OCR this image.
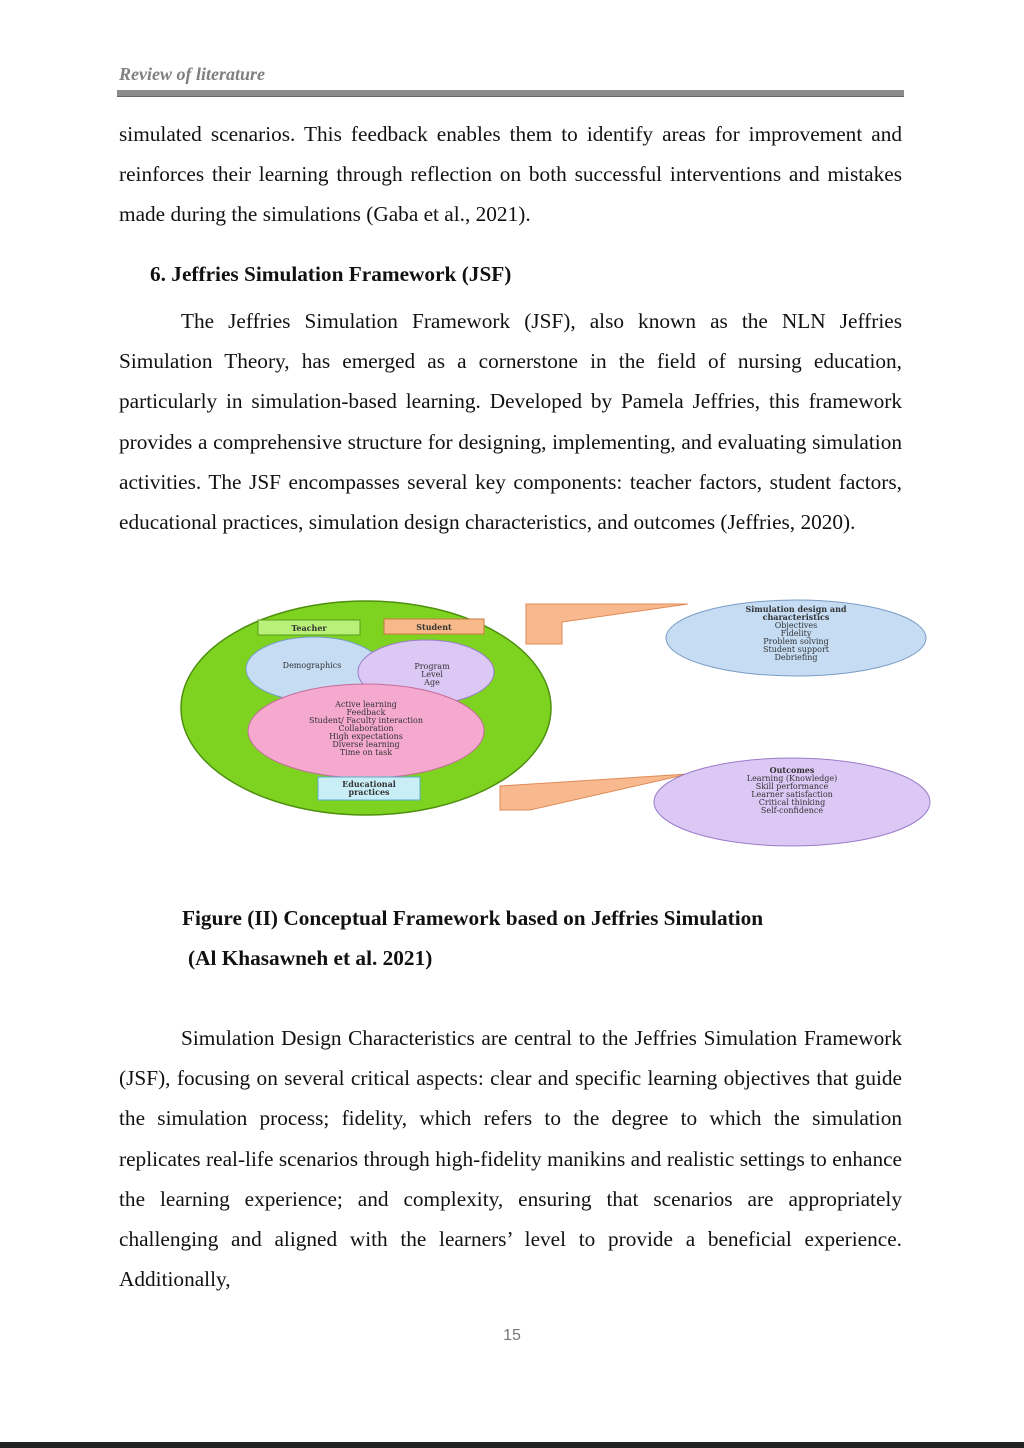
Review of literature

simulated scenarios. This feedback enables them to identify areas for improvement and reinforces their learning through reflection on both successful interventions and mistakes made during the simulations (Gaba et al., 2021).

6. Jeffries Simulation Framework (JSF)

The Jeffries Simulation Framework (JSF), also known as the NLN Jeffries Simulation Theory, has emerged as a cornerstone in the field of nursing education, particularly in simulation-based learning. Developed by Pamela Jeffries, this framework provides a comprehensive structure for designing, implementing, and evaluating simulation activities. The JSF encompasses several key components: teacher factors, student factors, educational practices, simulation design characteristics, and outcomes (Jeffries, 2020).

Teacher	Student
Demographics	Program
Level
Age
Active learning
Feedback
Student/ Faculty interaction
Collaboration
High expectations
Diverse learning
Time on task
Educational
practices
Simulation design and
characteristics
Objectives
Fidelity
Problem solving
Student support
Debriefing
Outcomes
Learning (Knowledge)
Skill performance
Learner satisfaction
Critical thinking
Self-confidence
Figure (II) Conceptual Framework based on Jeffries Simulation
(Al Khasawneh et al. 2021)

Simulation Design Characteristics are central to the Jeffries Simulation Framework (JSF), focusing on several critical aspects: clear and specific learning objectives that guide the simulation process; fidelity, which refers to the degree to which the simulation replicates real-life scenarios through high-fidelity manikins and realistic settings to enhance the learning experience; and complexity, ensuring that scenarios are appropriately challenging and aligned with the learners’ level to provide a beneficial experience. Additionally,

15
